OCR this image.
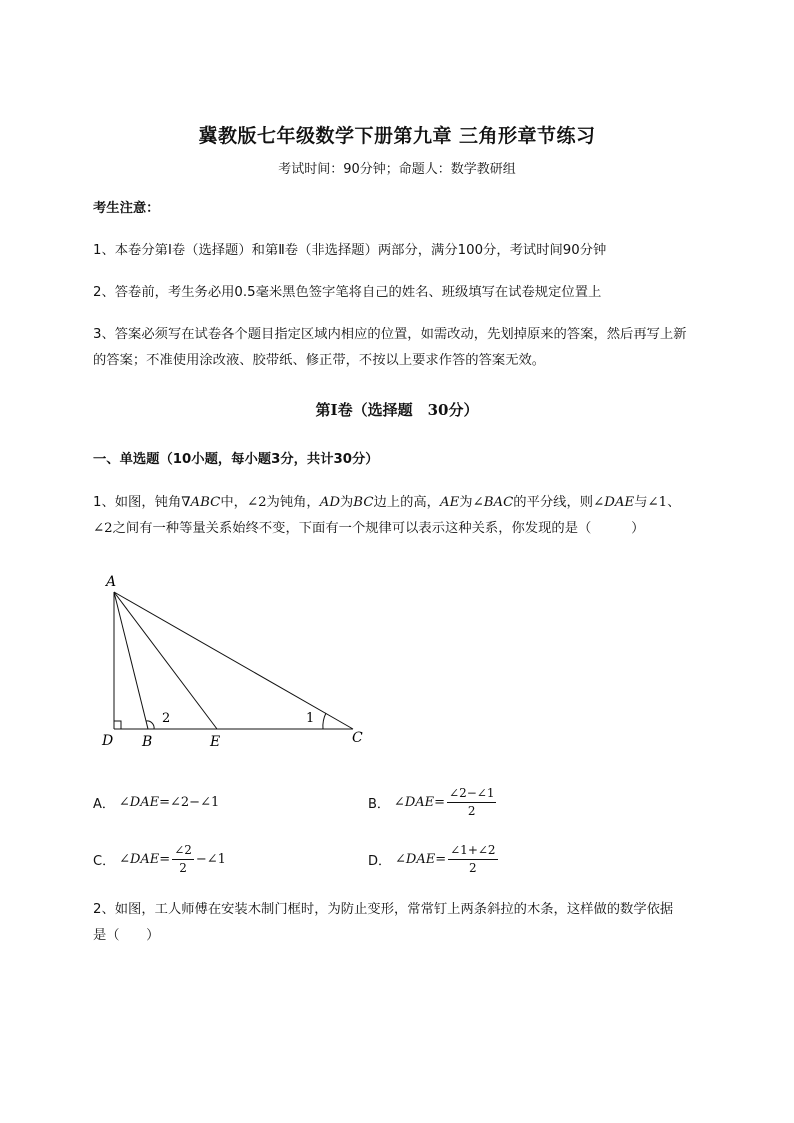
冀教版七年级数学下册第九章 三角形章节练习
考试时间：90分钟；命题人：数学教研组
考生注意：
1、本卷分第Ⅰ卷（选择题）和第Ⅱ卷（非选择题）两部分，满分100分，考试时间90分钟
2、答卷前，考生务必用0.5毫米黑色签字笔将自己的姓名、班级填写在试卷规定位置上
3、答案必须写在试卷各个题目指定区域内相应的位置，如需改动，先划掉原来的答案，然后再写上新
的答案；不准使用涂改液、胶带纸、修正带，不按以上要求作答的答案无效。
第Ⅰ卷（选择题　30分）
一、单选题（10小题，每小题3分，共计30分）
1、如图，钝角∇ABC中，∠2为钝角，AD为BC边上的高，AE为∠BAC的平分线，则∠DAE与∠1、
∠2之间有一种等量关系始终不变，下面有一个规律可以表示这种关系，你发现的是（　　　）
A
D B	E	C
1
2
A． ∠DAE = ∠2−∠1	B． ∠DAE = $\frac{\angle 2-\angle 1}{2}$
C． ∠DAE = $\frac{\angle 2}{2}$ −∠1	D． ∠DAE = $\frac{\angle 1+\angle 2}{2}$
2、如图，工人师傅在安装木制门框时，为防止变形，常常钉上两条斜拉的木条，这样做的数学依据
是（　　）
